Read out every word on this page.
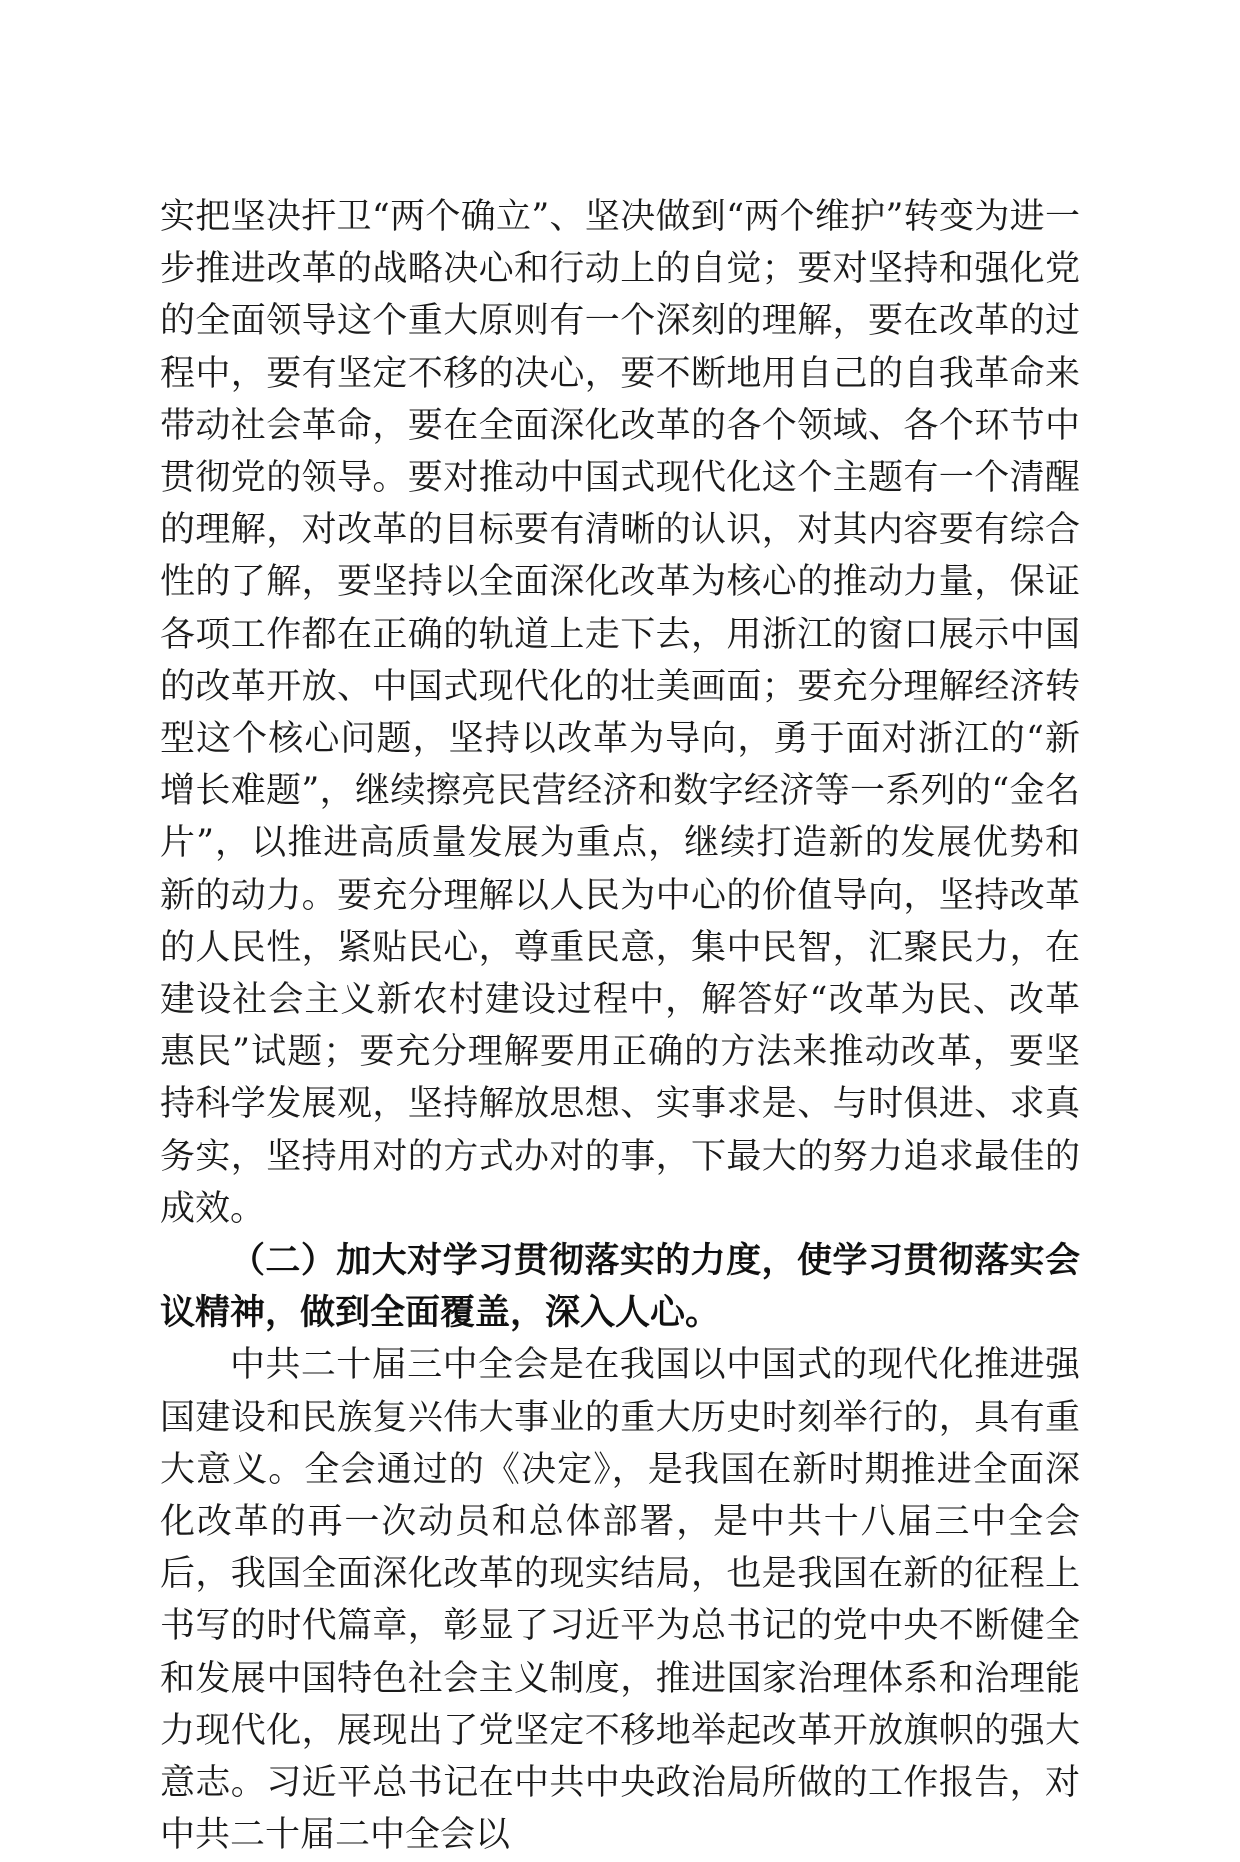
实把坚决扞卫“两个确立”、坚决做到“两个维护”转变为进一步推进改革的战略决心和行动上的自觉；要对坚持和强化党的全面领导这个重大原则有一个深刻的理解，要在改革的过程中，要有坚定不移的决心，要不断地用自己的自我革命来带动社会革命，要在全面深化改革的各个领域、各个环节中贯彻党的领导。要对推动中国式现代化这个主题有一个清醒的理解，对改革的目标要有清晰的认识，对其内容要有综合性的了解，要坚持以全面深化改革为核心的推动力量，保证各项工作都在正确的轨道上走下去，用浙江的窗口展示中国的改革开放、中国式现代化的壮美画面；要充分理解经济转型这个核心问题，坚持以改革为导向，勇于面对浙江的“新增长难题”，继续擦亮民营经济和数字经济等一系列的“金名片”，以推进高质量发展为重点，继续打造新的发展优势和新的动力。要充分理解以人民为中心的价值导向，坚持改革的人民性，紧贴民心，尊重民意，集中民智，汇聚民力，在建设社会主义新农村建设过程中，解答好“改革为民、改革惠民”试题；要充分理解要用正确的方法来推动改革，要坚持科学发展观，坚持解放思想、实事求是、与时俱进、求真务实，坚持用对的方式办对的事，下最大的努力追求最佳的成效。

（二）加大对学习贯彻落实的力度，使学习贯彻落实会议精神，做到全面覆盖，深入人心。

中共二十届三中全会是在我国以中国式的现代化推进强国建设和民族复兴伟大事业的重大历史时刻举行的，具有重大意义。全会通过的《决定》，是我国在新时期推进全面深化改革的再一次动员和总体部署，是中共十八届三中全会后，我国全面深化改革的现实结局，也是我国在新的征程上书写的时代篇章，彰显了习近平为总书记的党中央不断健全和发展中国特色社会主义制度，推进国家治理体系和治理能力现代化，展现出了党坚定不移地举起改革开放旗帜的强大意志。习近平总书记在中共中央政治局所做的工作报告，对中共二十届二中全会以
